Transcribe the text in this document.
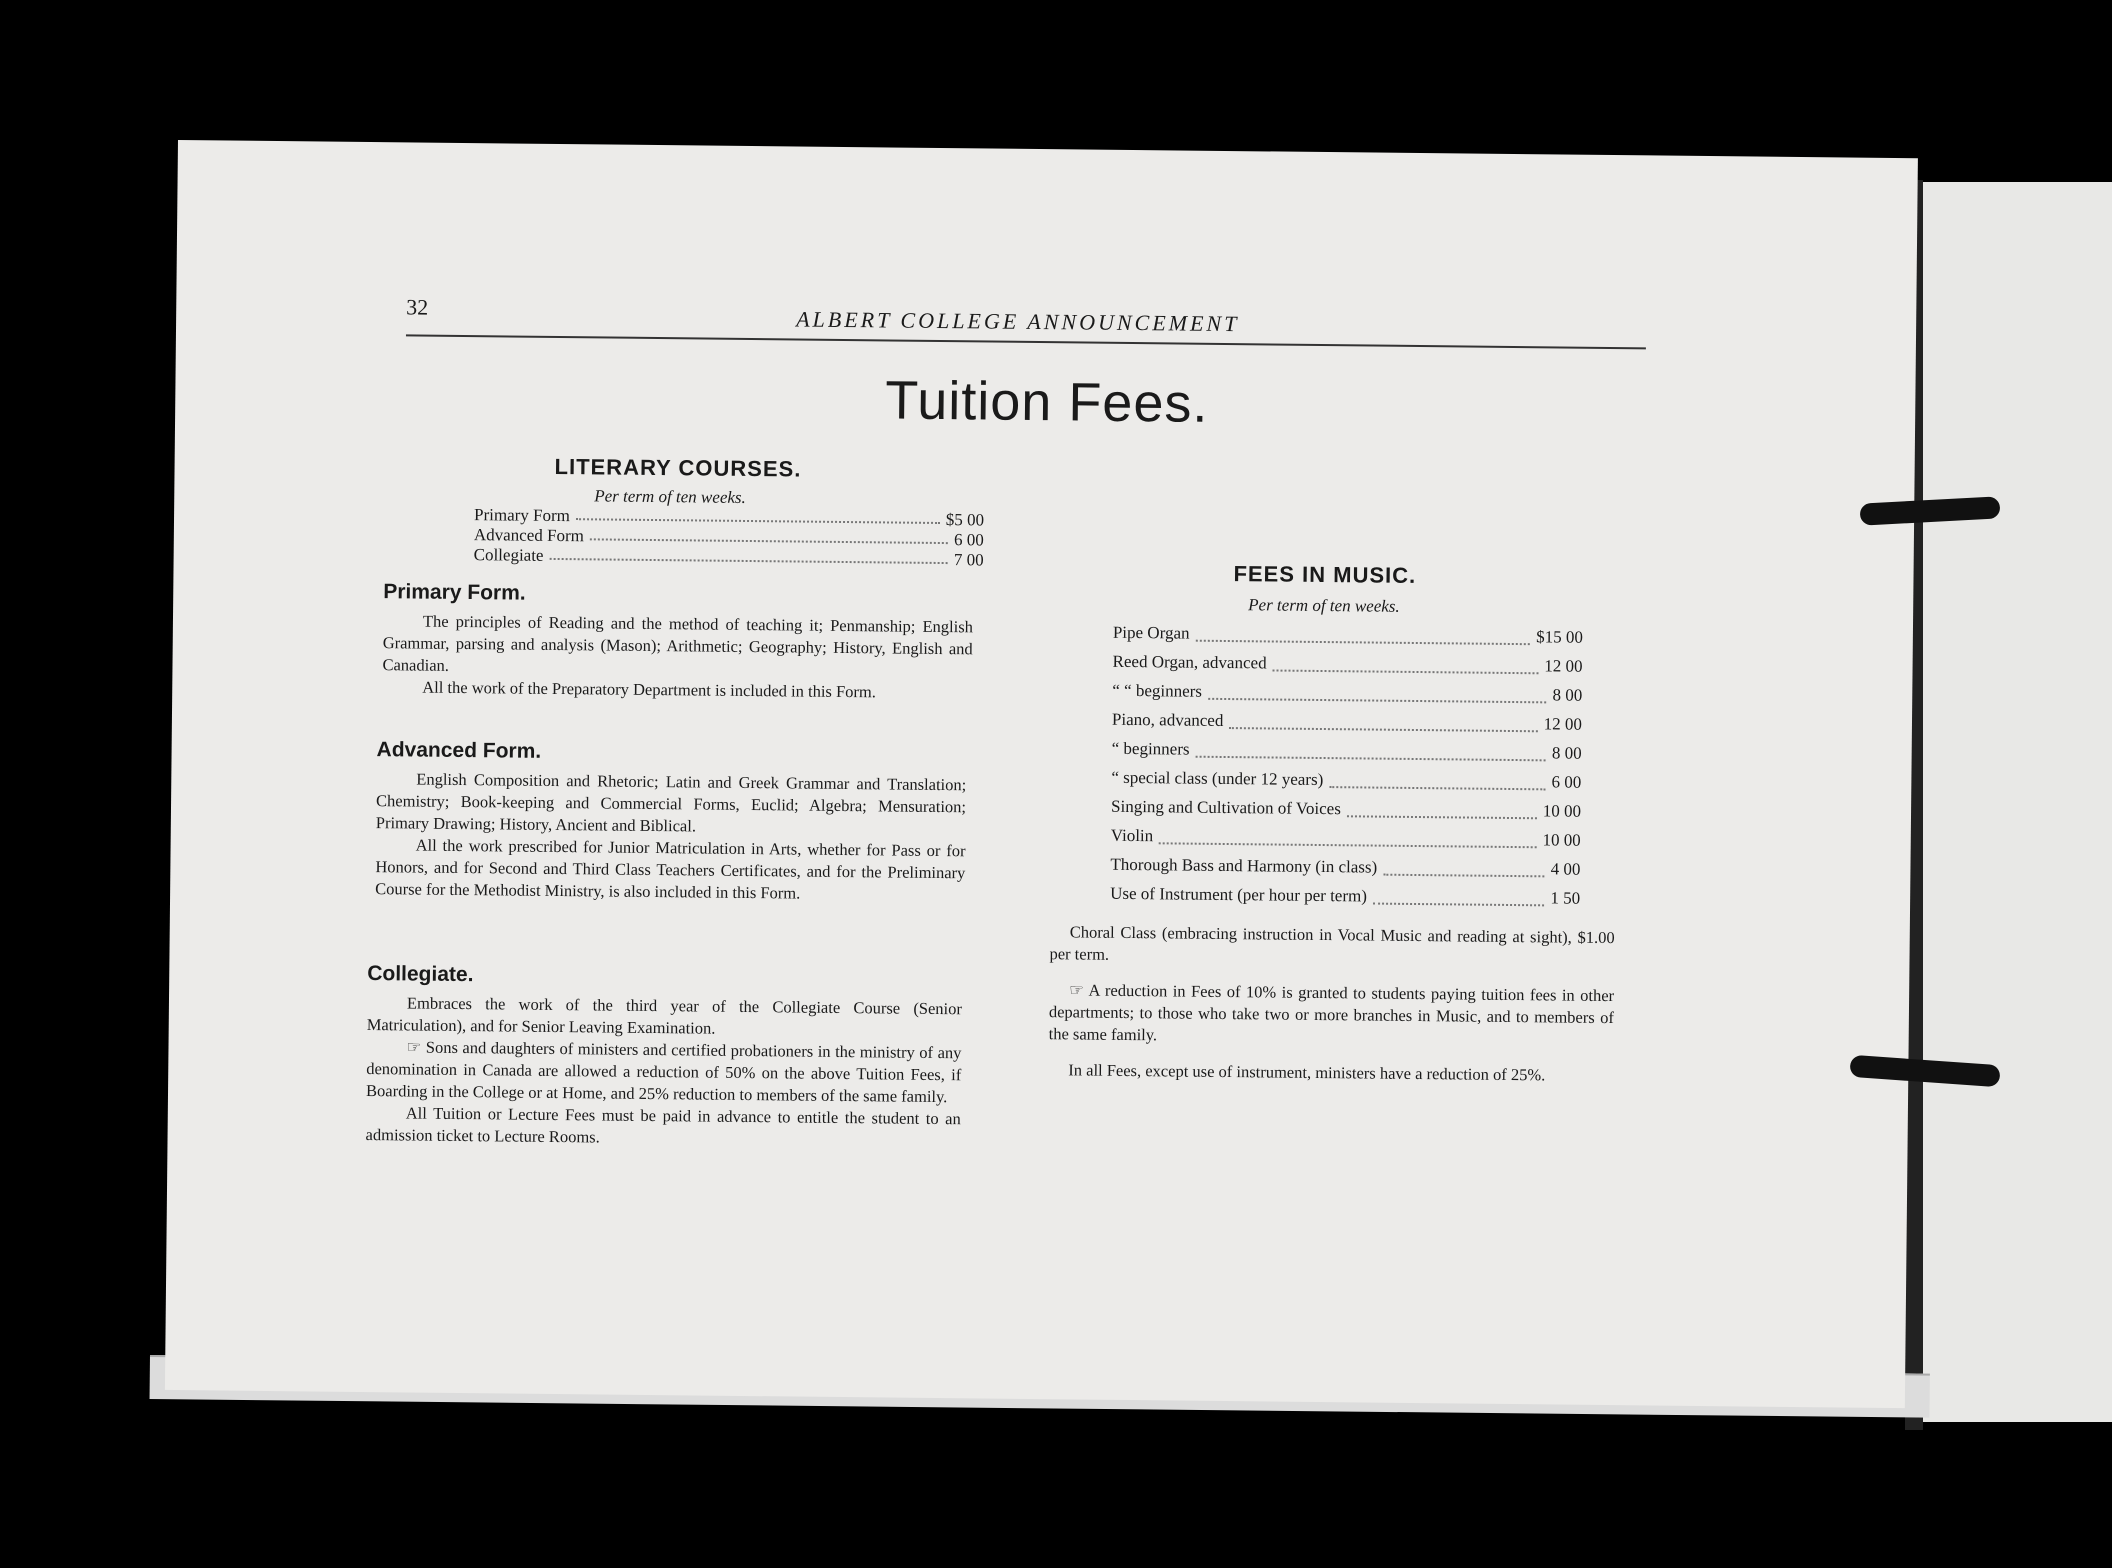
32	ALBERT COLLEGE ANNOUNCEMENT
Tuition Fees.
LITERARY COURSES.
Per term of ten weeks.
Primary Form	$5 00
Advanced Form	6 00
Collegiate	7 00
Primary Form.
The principles of Reading and the method of teaching it; Penmanship; English Grammar, parsing and analysis (Mason); Arithmetic; Geography; History, English and Canadian.
All the work of the Preparatory Department is included in this Form.
Advanced Form.
English Composition and Rhetoric; Latin and Greek Grammar and Translation; Chemistry; Book-keeping and Commercial Forms, Euclid; Algebra; Mensuration; Primary Drawing; History, Ancient and Biblical.
All the work prescribed for Junior Matriculation in Arts, whether for Pass or for Honors, and for Second and Third Class Teachers Certificates, and for the Preliminary Course for the Methodist Ministry, is also included in this Form.
Collegiate.
Embraces the work of the third year of the Collegiate Course (Senior Matriculation), and for Senior Leaving Examination.
☞ Sons and daughters of ministers and certified probationers in the ministry of any denomination in Canada are allowed a reduction of 50% on the above Tuition Fees, if Boarding in the College or at Home, and 25% reduction to members of the same family.
All Tuition or Lecture Fees must be paid in advance to entitle the student to an admission ticket to Lecture Rooms.
FEES IN MUSIC.
Per term of ten weeks.
Pipe Organ	$15 00
Reed Organ, advanced	12 00
“ “ beginners	8 00
Piano, advanced	12 00
“ beginners	8 00
“ special class (under 12 years)	6 00
Singing and Cultivation of Voices	10 00
Violin	10 00
Thorough Bass and Harmony (in class)	4 00
Use of Instrument (per hour per term)	1 50
Choral Class (embracing instruction in Vocal Music and reading at sight), $1.00 per term.
☞ A reduction in Fees of 10% is granted to students paying tuition fees in other departments; to those who take two or more branches in Music, and to members of the same family.
In all Fees, except use of instrument, ministers have a reduction of 25%.
